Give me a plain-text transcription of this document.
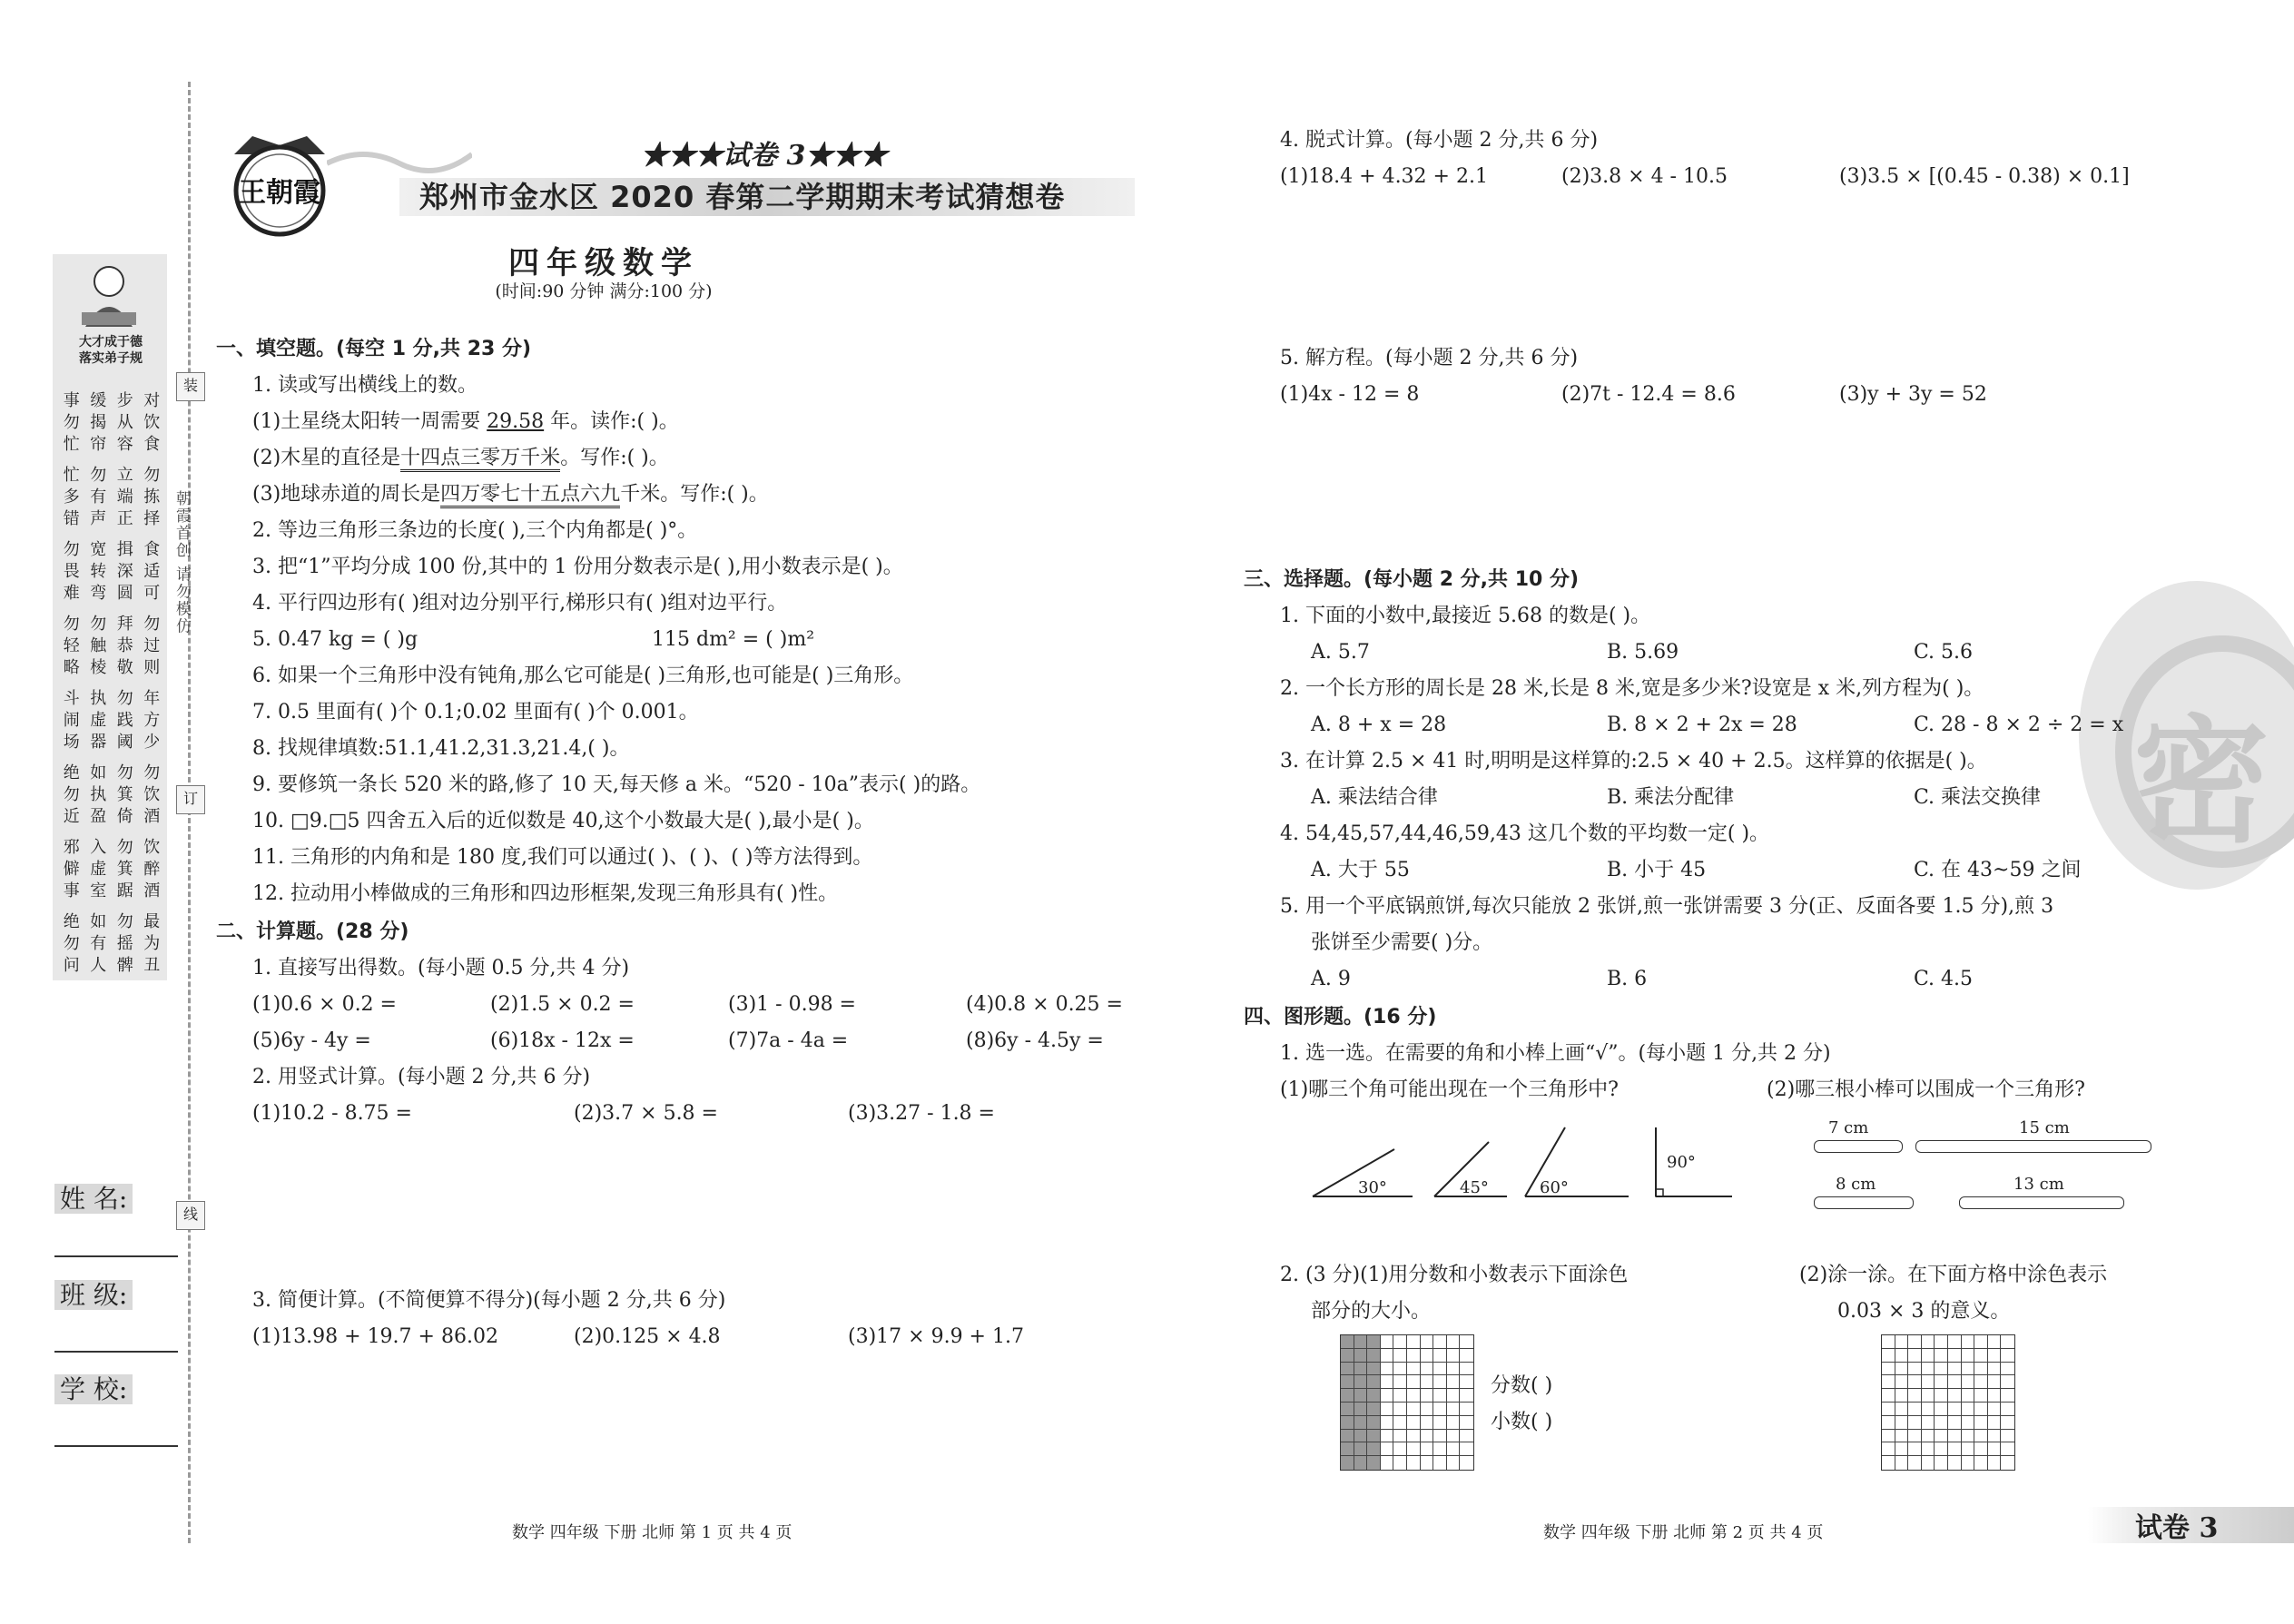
大才成于德
落实弟子规
事 缓 步 对
勿 揭 从 饮
忙 帘 容 食
忙 勿 立 勿
多 有 端 拣
错 声 正 择
勿 宽 揖 食
畏 转 深 适
难 弯 圆 可
勿 勿 拜 勿
轻 触 恭 过
略 棱 敬 则
斗 执 勿 年
闹 虚 践 方
场 器 阈 少
绝 如 勿 勿
勿 执 箕 饮
近 盈 倚 酒
邪 入 勿 饮
僻 虚 箕 醉
事 室 踞 酒
绝 如 勿 最
勿 有 摇 为
问 人 髀 丑
装
订
线
朝霞首创 请勿模仿
姓 名:
班 级:
学 校:
王朝霞
★★★试卷 3★★★
郑州市金水区 2020 春第二学期期末考试猜想卷
四年级数学
(时间:90 分钟 满分:100 分)
一、填空题。(每空 1 分,共 23 分)
1. 读或写出横线上的数。
(1)土星绕太阳转一周需要 29.58 年。读作:( )。
(2)木星的直径是十四点三零万千米。写作:( )。
(3)地球赤道的周长是四万零七十五点六九千米。写作:( )。
2. 等边三角形三条边的长度( ),三个内角都是( )°。
3. 把“1”平均分成 100 份,其中的 1 份用分数表示是( ),用小数表示是( )。
4. 平行四边形有( )组对边分别平行,梯形只有( )组对边平行。
5. 0.47 kg = ( )g	115 dm² = ( )m²
6. 如果一个三角形中没有钝角,那么它可能是( )三角形,也可能是( )三角形。
7. 0.5 里面有( )个 0.1;0.02 里面有( )个 0.001。
8. 找规律填数:51.1,41.2,31.3,21.4,( )。
9. 要修筑一条长 520 米的路,修了 10 天,每天修 a 米。“520 - 10a”表示( )的路。
10. □9.□5 四舍五入后的近似数是 40,这个小数最大是( ),最小是( )。
11. 三角形的内角和是 180 度,我们可以通过( )、( )、( )等方法得到。
12. 拉动用小棒做成的三角形和四边形框架,发现三角形具有( )性。
二、计算题。(28 分)
1. 直接写出得数。(每小题 0.5 分,共 4 分)
(1)0.6 × 0.2 =	(2)1.5 × 0.2 =	(3)1 - 0.98 =	(4)0.8 × 0.25 =
(5)6y - 4y =	(6)18x - 12x =	(7)7a - 4a =	(8)6y - 4.5y =
2. 用竖式计算。(每小题 2 分,共 6 分)
(1)10.2 - 8.75 =	(2)3.7 × 5.8 =	(3)3.27 - 1.8 =
3. 简便计算。(不简便算不得分)(每小题 2 分,共 6 分)
(1)13.98 + 19.7 + 86.02	(2)0.125 × 4.8	(3)17 × 9.9 + 1.7
数学 四年级 下册 北师 第 1 页 共 4 页
4. 脱式计算。(每小题 2 分,共 6 分)
(1)18.4 + 4.32 + 2.1	(2)3.8 × 4 - 10.5	(3)3.5 × [(0.45 - 0.38) × 0.1]
5. 解方程。(每小题 2 分,共 6 分)
(1)4x - 12 = 8	(2)7t - 12.4 = 8.6	(3)y + 3y = 52
密
三、选择题。(每小题 2 分,共 10 分)
1. 下面的小数中,最接近 5.68 的数是( )。
A. 5.7	B. 5.69	C. 5.6
2. 一个长方形的周长是 28 米,长是 8 米,宽是多少米?设宽是 x 米,列方程为( )。
A. 8 + x = 28	B. 8 × 2 + 2x = 28	C. 28 - 8 × 2 ÷ 2 = x
3. 在计算 2.5 × 41 时,明明是这样算的:2.5 × 40 + 2.5。这样算的依据是( )。
A. 乘法结合律	B. 乘法分配律	C. 乘法交换律
4. 54,45,57,44,46,59,43 这几个数的平均数一定( )。
A. 大于 55	B. 小于 45	C. 在 43~59 之间
5. 用一个平底锅煎饼,每次只能放 2 张饼,煎一张饼需要 3 分(正、反面各要 1.5 分),煎 3
张饼至少需要( )分。
A. 9	B. 6	C. 4.5
四、图形题。(16 分)
1. 选一选。在需要的角和小棒上画“√”。(每小题 1 分,共 2 分)
(1)哪三个角可能出现在一个三角形中?	(2)哪三根小棒可以围成一个三角形?
30°	45°	60°
90°
7 cm	15 cm
8 cm	13 cm
2. (3 分)(1)用分数和小数表示下面涂色
部分的大小。
(2)涂一涂。在下面方格中涂色表示
0.03 × 3 的意义。
分数( )
小数( )
数学 四年级 下册 北师 第 2 页 共 4 页	试卷 3
